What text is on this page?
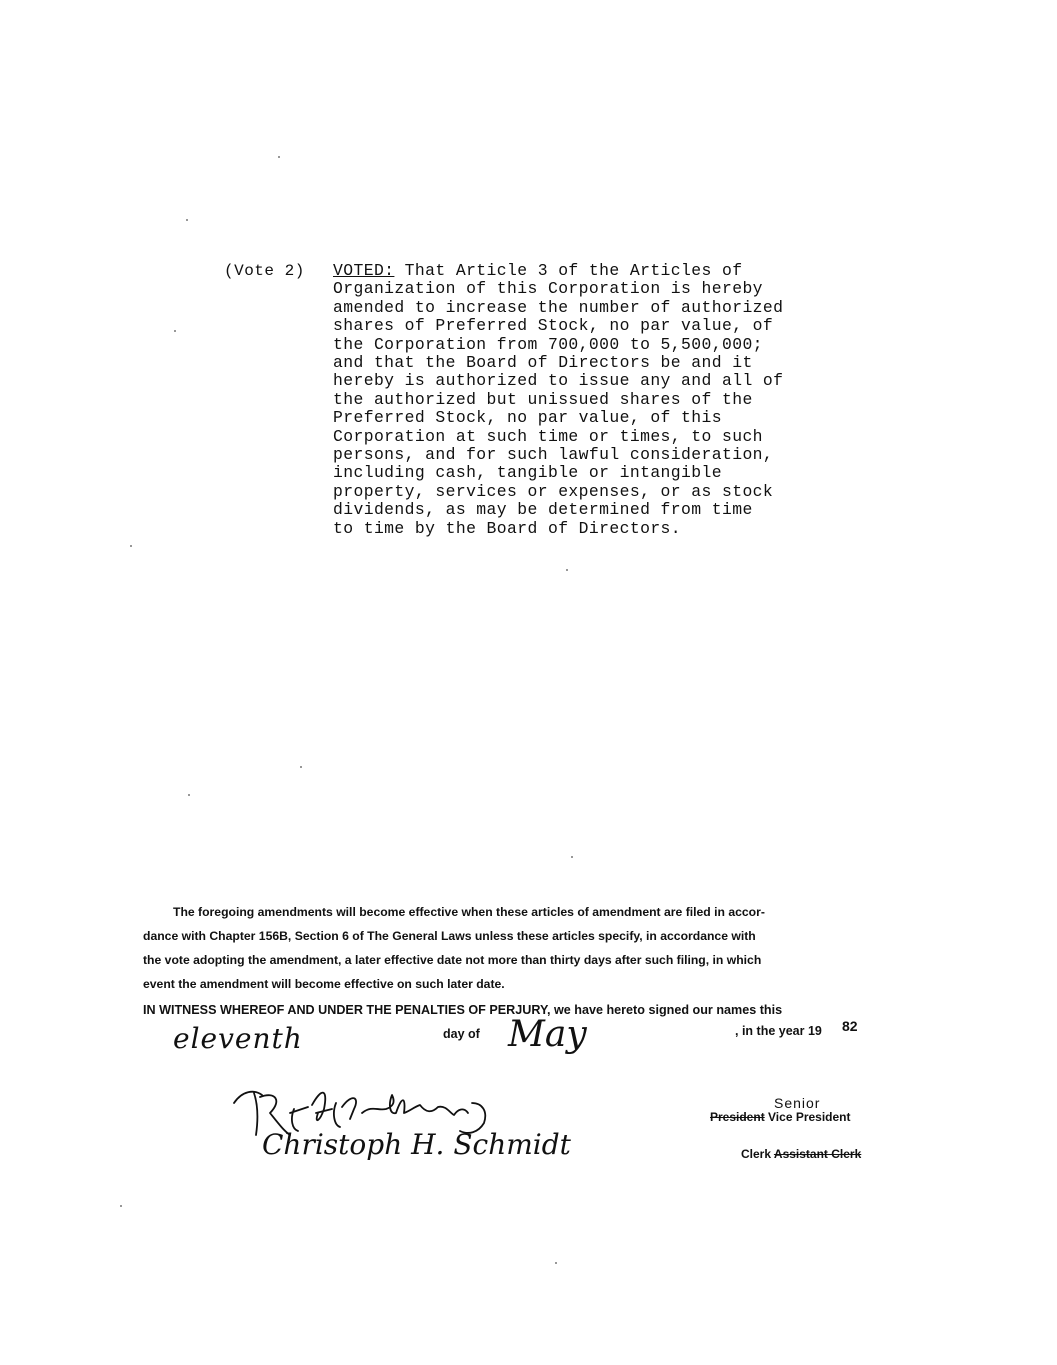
(Vote 2) VOTED: That Article 3 of the Articles of
Organization of this Corporation is hereby
amended to increase the number of authorized
shares of Preferred Stock, no par value, of
the Corporation from 700,000 to 5,500,000;
and that the Board of Directors be and it
hereby is authorized to issue any and all of
the authorized but unissued shares of the
Preferred Stock, no par value, of this
Corporation at such time or times, to such
persons, and for such lawful consideration,
including cash, tangible or intangible
property, services or expenses, or as stock
dividends, as may be determined from time
to time by the Board of Directors.
The foregoing amendments will become effective when these articles of amendment are filed in accor-
dance with Chapter 156B, Section 6 of The General Laws unless these articles specify, in accordance with
the vote adopting the amendment, a later effective date not more than thirty days after such filing, in which
event the amendment will become effective on such later date.
IN WITNESS WHEREOF AND UNDER THE PENALTIES OF PERJURY, we have hereto signed our names this
eleventh	day of May	, in the year 19 82
Christoph H. Schmidt
Senior
President Vice President
Clerk Assistant Clerk
